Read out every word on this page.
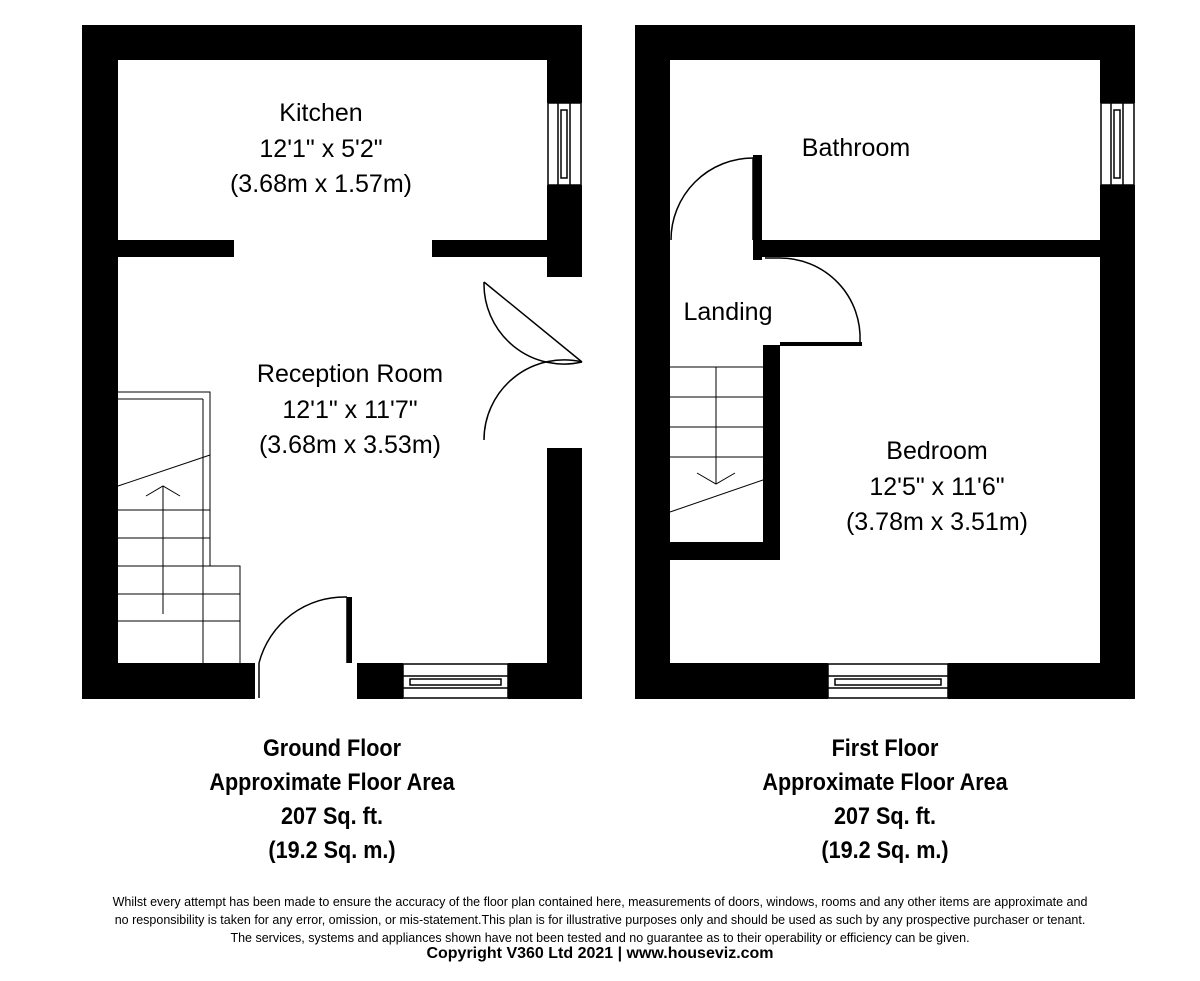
Kitchen
12'1" x 5'2"
(3.68m x 1.57m)
Reception Room
12'1" x 11'7"
(3.68m x 3.53m)
Bathroom
Landing
Bedroom
12'5" x 11'6"
(3.78m x 3.51m)
Ground Floor
Approximate Floor Area
207 Sq. ft.
(19.2 Sq. m.)
First Floor
Approximate Floor Area
207 Sq. ft.
(19.2 Sq. m.)
Whilst every attempt has been made to ensure the accuracy of the floor plan contained here, measurements of doors, windows, rooms and any other items are approximate and
no responsibility is taken for any error, omission, or mis-statement.This plan is for illustrative purposes only and should be used as such by any prospective purchaser or tenant.
The services, systems and appliances shown have not been tested and no guarantee as to their operability or efficiency can be given.
Copyright V360 Ltd 2021 | www.houseviz.com
